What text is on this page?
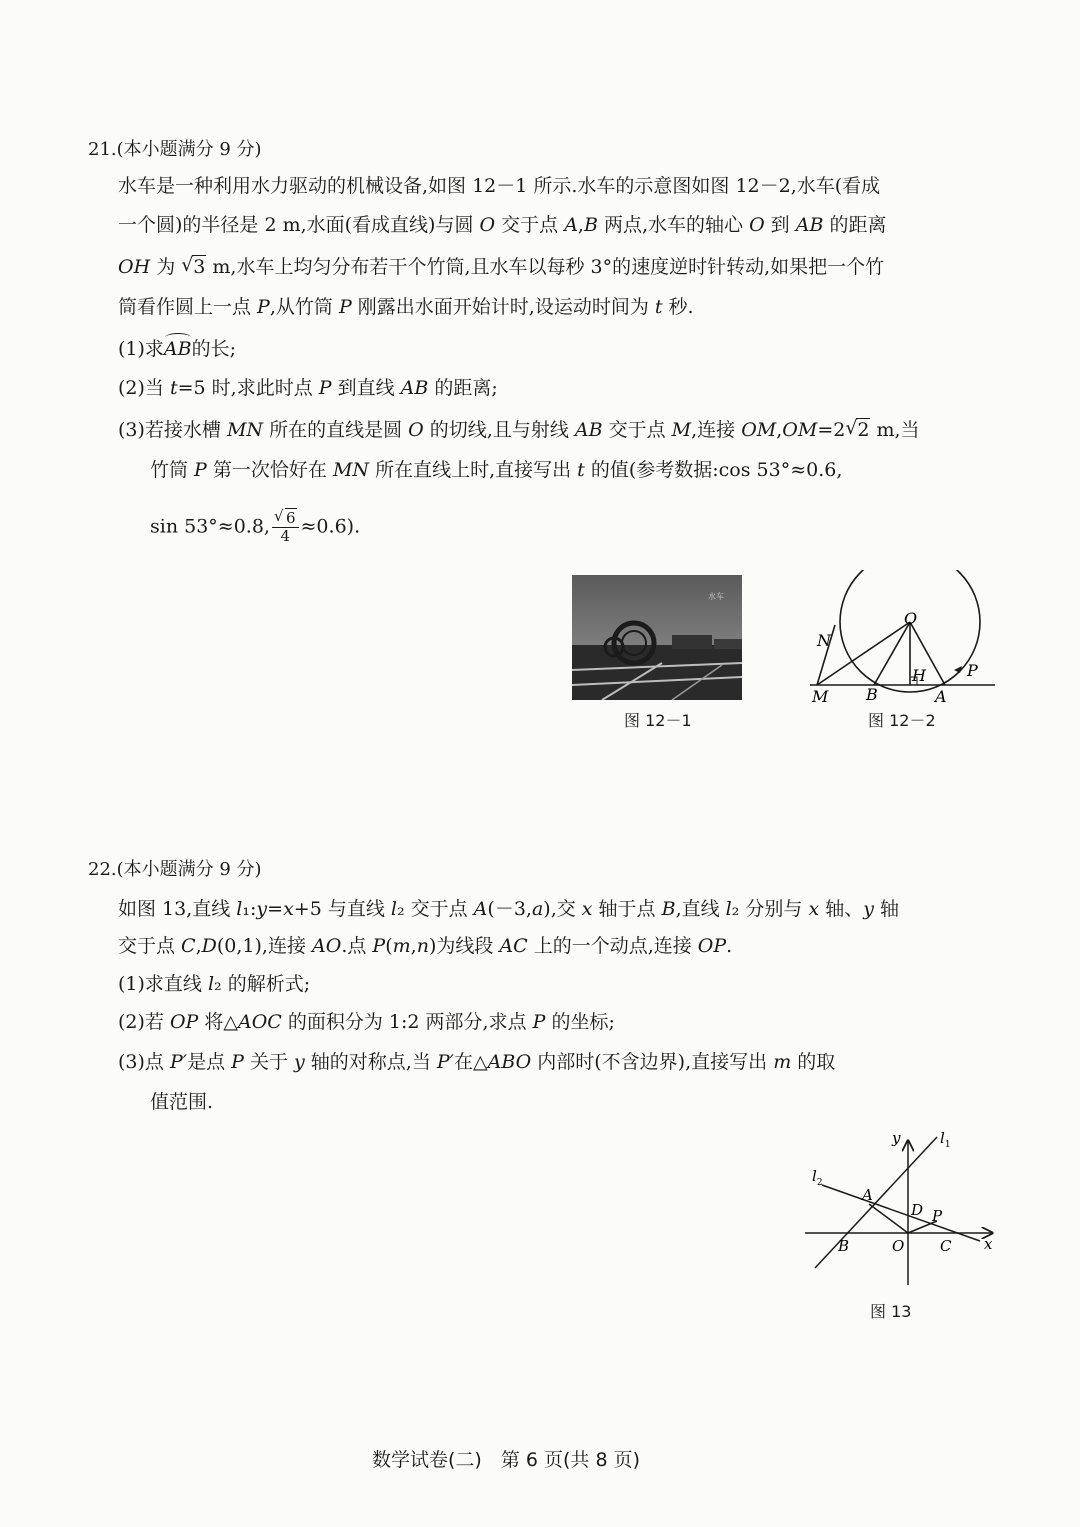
21.(本小题满分 9 分)
水车是一种利用水力驱动的机械设备,如图 12－1 所示.水车的示意图如图 12－2,水车(看成
一个圆)的半径是 2 m,水面(看成直线)与圆 O 交于点 A,B 两点,水车的轴心 O 到 AB 的距离
OH 为 √ 3 m,水车上均匀分布若干个竹筒,且水车以每秒 3°的速度逆时针转动,如果把一个竹
筒看作圆上一点 P,从竹筒 P 刚露出水面开始计时,设运动时间为 t 秒.
(1)求AB的长;
(2)当 t=5 时,求此时点 P 到直线 AB 的距离;
(3)若接水槽 MN 所在的直线是圆 O 的切线,且与射线 AB 交于点 M,连接 OM,OM=2 √ 2 m,当
竹筒 P 第一次恰好在 MN 所在直线上时,直接写出 t 的值(参考数据:cos 53°≈0.6,
sin 53°≈0.8, √ $\frac{6}{4} \approx 0.6$).
水车
图 12－1
O
N
H	P
M B	A
图 12－2
22.(本小题满分 9 分)
如图 13,直线 l₁:y=x+5 与直线 l₂ 交于点 A(－3,a),交 x 轴于点 B,直线 l₂ 分别与 x 轴、y 轴
交于点 C,D(0,1),连接 AO.点 P(m,n)为线段 AC 上的一个动点,连接 OP.
(1)求直线 l₂ 的解析式;
(2)若 OP 将△AOC 的面积分为 1:2 两部分,求点 P 的坐标;
(3)点 P′是点 P 关于 y 轴的对称点,当 P′在△ABO 内部时(不含边界),直接写出 m 的取
值范围.
y	$l_1$
$l_2$
A
D P
B	O C x
图 13
数学试卷(二)　第 6 页(共 8 页)
